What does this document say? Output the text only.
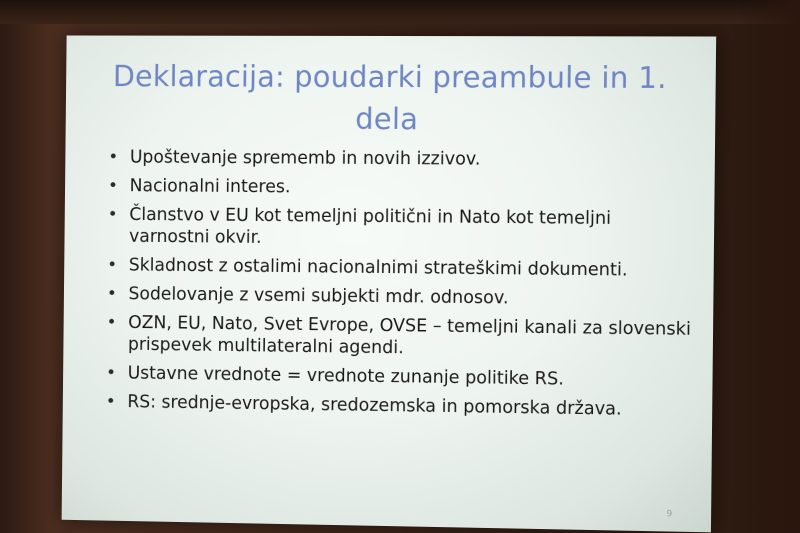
Deklaracija: poudarki preambule in 1. dela
• Upoštevanje sprememb in novih izzivov.
• Nacionalni interes.
• Članstvo v EU kot temeljni politični in Nato kot temeljni varnostni okvir.
• Skladnost z ostalimi nacionalnimi strateškimi dokumenti.
• Sodelovanje z vsemi subjekti mdr. odnosov.
• OZN, EU, Nato, Svet Evrope, OVSE – temeljni kanali za slovenski prispevek multilateralni agendi.
• Ustavne vrednote = vrednote zunanje politike RS.
• RS: srednje-evropska, sredozemska in pomorska država.
9
